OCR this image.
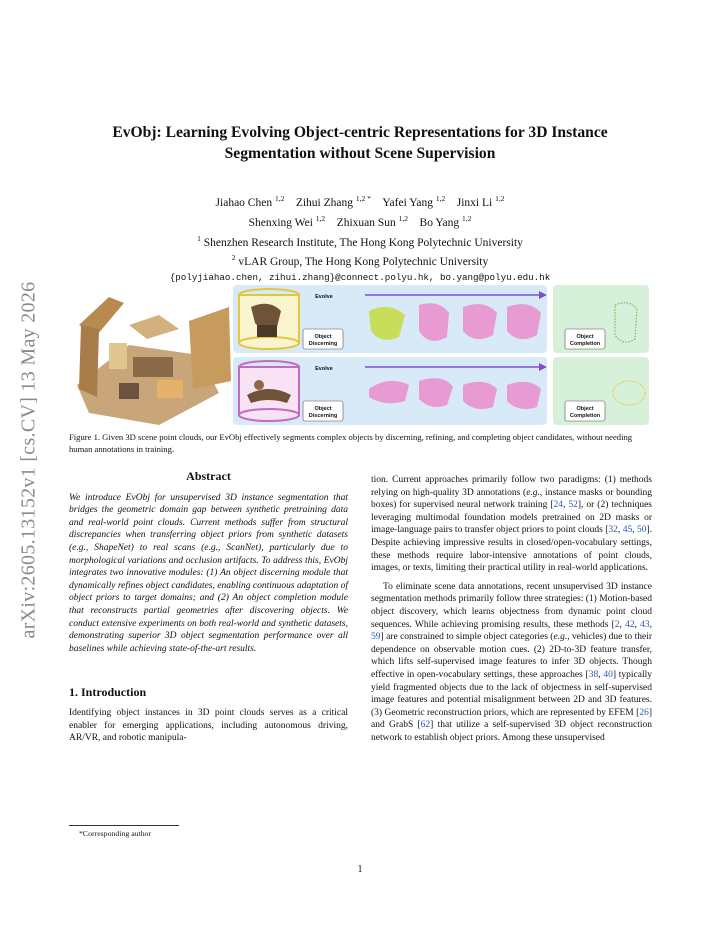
arXiv:2605.13152v1 [cs.CV] 13 May 2026
EvObj: Learning Evolving Object-centric Representations for 3D Instance
Segmentation without Scene Supervision
Jiahao Chen $^{1,2}$ Zihui Zhang $^{1,2 *}$ Yafei Yang $^{1,2}$ Jinxi Li $^{1,2}$
Shenxing Wei $^{1,2}$ Zhixuan Sun $^{1,2}$ Bo Yang $^{1,2}$
$^1$ Shenzhen Research Institute, The Hong Kong Polytechnic University
$^2$ vLAR Group, The Hong Kong Polytechnic University
{polyjiahao.chen, zihui.zhang}@connect.polyu.hk, bo.yang@polyu.edu.hk
Evolve
Object
Discerning
Object
Completion
Evolve
Object
Discerning
Object
Completion
Figure 1. Given 3D scene point clouds, our EvObj effectively segments complex objects by discerning, refining, and completing object candidates, without needing human annotations in training.
Abstract

We introduce EvObj for unsupervised 3D instance segmentation that bridges the geometric domain gap between synthetic pretraining data and real-world point clouds. Current methods suffer from structural discrepancies when transferring object priors from synthetic datasets (e.g., ShapeNet) to real scans (e.g., ScanNet), particularly due to morphological variations and occlusion artifacts. To address this, EvObj integrates two innovative modules: (1) An object discerning module that dynamically refines object candidates, enabling continuous adaptation of object priors to target domains; and (2) An object completion module that reconstructs partial geometries after discovering objects. We conduct extensive experiments on both real-world and synthetic datasets, demonstrating superior 3D object segmentation performance over all baselines while achieving state-of-the-art results.

1. Introduction

Identifying object instances in 3D point clouds serves as a critical enabler for emerging applications, including autonomous driving, AR/VR, and robotic manipula-

tion. Current approaches primarily follow two paradigms: (1) methods relying on high-quality 3D annotations (e.g., instance masks or bounding boxes) for supervised neural network training [24, 52], or (2) techniques leveraging multimodal foundation models pretrained on 2D masks or image-language pairs to transfer object priors to point clouds [32, 45, 50]. Despite achieving impressive results in closed/open-vocabulary settings, these methods require labor-intensive annotations of point clouds, images, or texts, limiting their practical utility in real-world applications.

To eliminate scene data annotations, recent unsupervised 3D instance segmentation methods primarily follow three strategies: (1) Motion-based object discovery, which learns objectness from dynamic point cloud sequences. While achieving promising results, these methods [2, 42, 43, 59] are constrained to simple object categories (e.g., vehicles) due to their dependence on observable motion cues. (2) 2D-to-3D feature transfer, which lifts self-supervised image features to infer 3D objects. Though effective in open-vocabulary settings, these approaches [38, 40] typically yield fragmented objects due to the lack of objectness in self-supervised image features and potential misalignment between 2D and 3D features. (3) Geometric reconstruction priors, which are represented by EFEM [26] and GrabS [62] that utilize a self-supervised 3D object reconstruction network to establish object priors. Among these unsupervised

*Corresponding author
1
